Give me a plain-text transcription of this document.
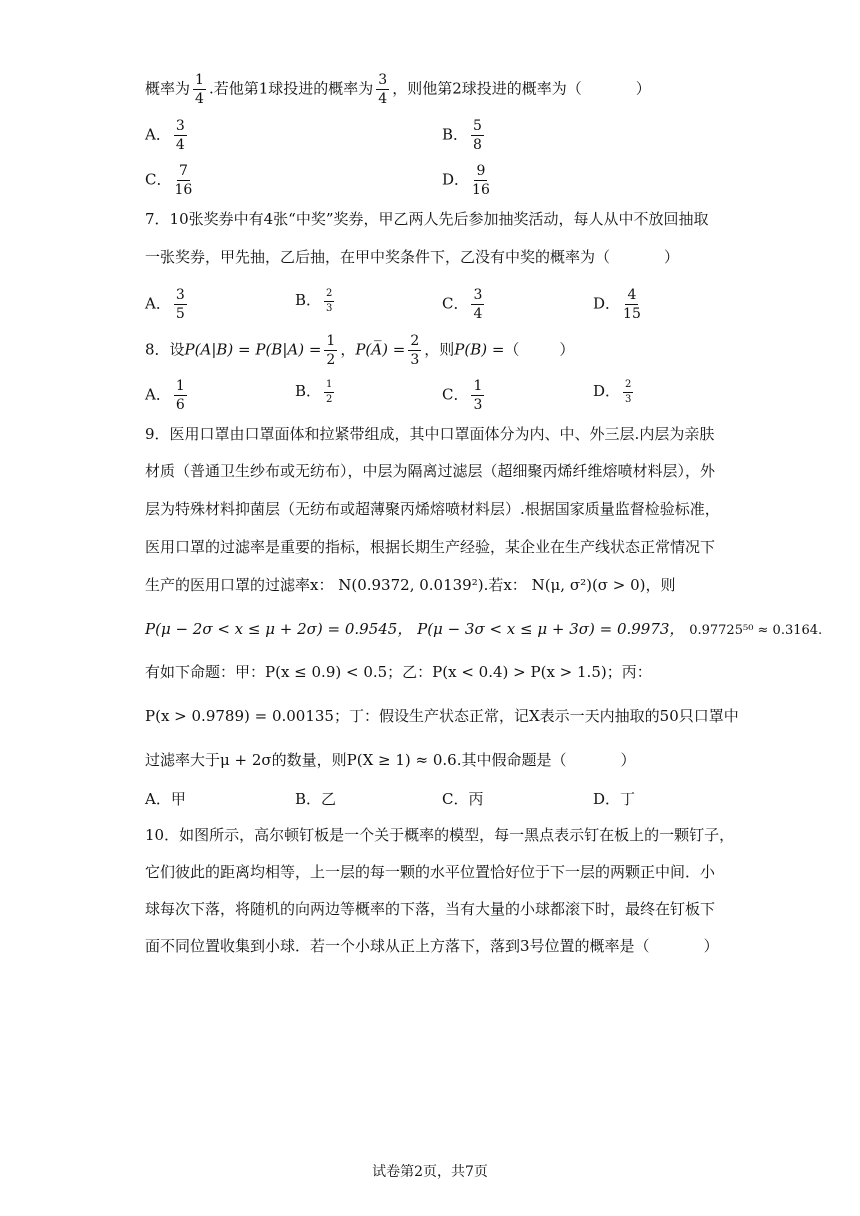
概率为 $\frac{1}{4}$ .若他第1球投进的概率为 $\frac{3}{4}$ ，则他第2球投进的概率为（	）
A． $\frac{3}{4}$	B． $\frac{5}{8}$
C． $\frac{7}{16}$	D． $\frac{9}{16}$
7．10张奖券中有4张“中奖”奖券，甲乙两人先后参加抽奖活动，每人从中不放回抽取
一张奖券，甲先抽，乙后抽，在甲中奖条件下，乙没有中奖的概率为（	）
A． $\frac{3}{5}$	B． $\frac{2}{3}$	C． $\frac{3}{4}$	D． $\frac{4}{15}$
8．设$P(A|B) = P(B|A) = \frac{1}{2}$ ，P(A̅) = $\frac{2}{3}$ ，则P(B) =（	）
A． $\frac{1}{6}$	B． $\frac{1}{2}$	C． $\frac{1}{3}$	D． $\frac{2}{3}$
9．医用口罩由口罩面体和拉紧带组成，其中口罩面体分为内、中、外三层.内层为亲肤
材质（普通卫生纱布或无纺布），中层为隔离过滤层（超细聚丙烯纤维熔喷材料层），外
层为特殊材料抑菌层（无纺布或超薄聚丙烯熔喷材料层）.根据国家质量监督检验标准，
医用口罩的过滤率是重要的指标，根据长期生产经验，某企业在生产线状态正常情况下
生产的医用口罩的过滤率x： N(0.9372, 0.0139²).若x： N(μ, σ²)(σ > 0)，则
P(μ − 2σ < x ≤ μ + 2σ) = 0.9545， P(μ − 3σ < x ≤ μ + 3σ) = 0.9973， 0.97725⁵⁰ ≈ 0.3164.
有如下命题：甲：P(x ≤ 0.9) < 0.5；乙：P(x < 0.4) > P(x > 1.5)；丙：
P(x > 0.9789) = 0.00135；丁：假设生产状态正常，记X表示一天内抽取的50只口罩中
过滤率大于μ + 2σ的数量，则P(X ≥ 1) ≈ 0.6.其中假命题是（	）
A．甲	B．乙	C．丙	D．丁
10．如图所示，高尔顿钉板是一个关于概率的模型，每一黑点表示钉在板上的一颗钉子，
它们彼此的距离均相等，上一层的每一颗的水平位置恰好位于下一层的两颗正中间．小
球每次下落，将随机的向两边等概率的下落，当有大量的小球都滚下时，最终在钉板下
面不同位置收集到小球．若一个小球从正上方落下，落到3号位置的概率是（	）
试卷第2页，共7页
